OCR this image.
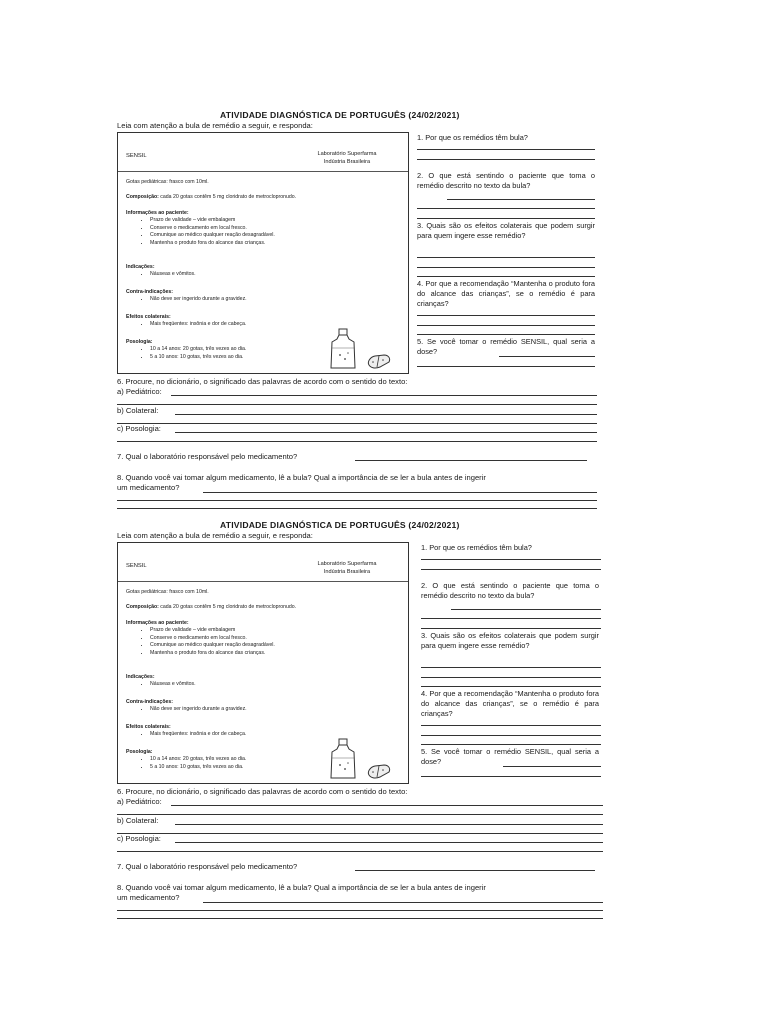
ATIVIDADE DIAGNÓSTICA DE PORTUGUÊS (24/02/2021)
Leia com atenção a bula de remédio a seguir, e responda:
SENSIL	Laboratório Superfarma
Indústria Brasileira
Gotas pediátricas: frasco com 10ml.
Composição: cada 20 gotas contêm 5 mg cloridrato de metroclopronudo.
Informações ao paciente:
• Prazo de validade – vide embalagem
• Conserve o medicamento em local fresco.
• Comunique ao médico qualquer reação desagradável.
• Mantenha o produto fora do alcance das crianças.
Indicações:
• Náuseas e vômitos.
Contra-indicações:
• Não deve ser ingerido durante a gravidez.
Efeitos colaterais:
• Mais freqüentes: insônia e dor de cabeça.
Posologia:
• 10 a 14 anos: 20 gotas, três vezes ao dia.
• 5 a 10 anos: 10 gotas, três vezes ao dia.
1. Por que os remédios têm bula?
2. O que está sentindo o paciente que toma o remédio descrito no texto da bula?
3. Quais são os efeitos colaterais que podem surgir para quem ingere esse remédio?
4. Por que a recomendação “Mantenha o produto fora do alcance das crianças”, se o remédio é para crianças?
5. Se você tomar o remédio SENSIL, qual seria a dose?
6. Procure, no dicionário, o significado das palavras de acordo com o sentido do texto:
a) Pediátrico:
b) Colateral:
c) Posologia:
7. Qual o laboratório responsável pelo medicamento?
8. Quando você vai tomar algum medicamento, lê a bula? Qual a importância de se ler a bula antes de ingerir
um medicamento?
ATIVIDADE DIAGNÓSTICA DE PORTUGUÊS (24/02/2021)
Leia com atenção a bula de remédio a seguir, e responda:
SENSIL	Laboratório Superfarma
Indústria Brasileira
Gotas pediátricas: frasco com 10ml.
Composição: cada 20 gotas contêm 5 mg cloridrato de metroclopronudo.
Informações ao paciente:
• Prazo de validade – vide embalagem
• Conserve o medicamento em local fresco.
• Comunique ao médico qualquer reação desagradável.
• Mantenha o produto fora do alcance das crianças.
Indicações:
• Náuseas e vômitos.
Contra-indicações:
• Não deve ser ingerido durante a gravidez.
Efeitos colaterais:
• Mais freqüentes: insônia e dor de cabeça.
Posologia:
• 10 a 14 anos: 20 gotas, três vezes ao dia.
• 5 a 10 anos: 10 gotas, três vezes ao dia.
1. Por que os remédios têm bula?
2. O que está sentindo o paciente que toma o remédio descrito no texto da bula?
3. Quais são os efeitos colaterais que podem surgir para quem ingere esse remédio?
4. Por que a recomendação “Mantenha o produto fora do alcance das crianças”, se o remédio é para crianças?
5. Se você tomar o remédio SENSIL, qual seria a dose?
6. Procure, no dicionário, o significado das palavras de acordo com o sentido do texto:
a) Pediátrico:
b) Colateral:
c) Posologia:
7. Qual o laboratório responsável pelo medicamento?
8. Quando você vai tomar algum medicamento, lê a bula? Qual a importância de se ler a bula antes de ingerir
um medicamento?
